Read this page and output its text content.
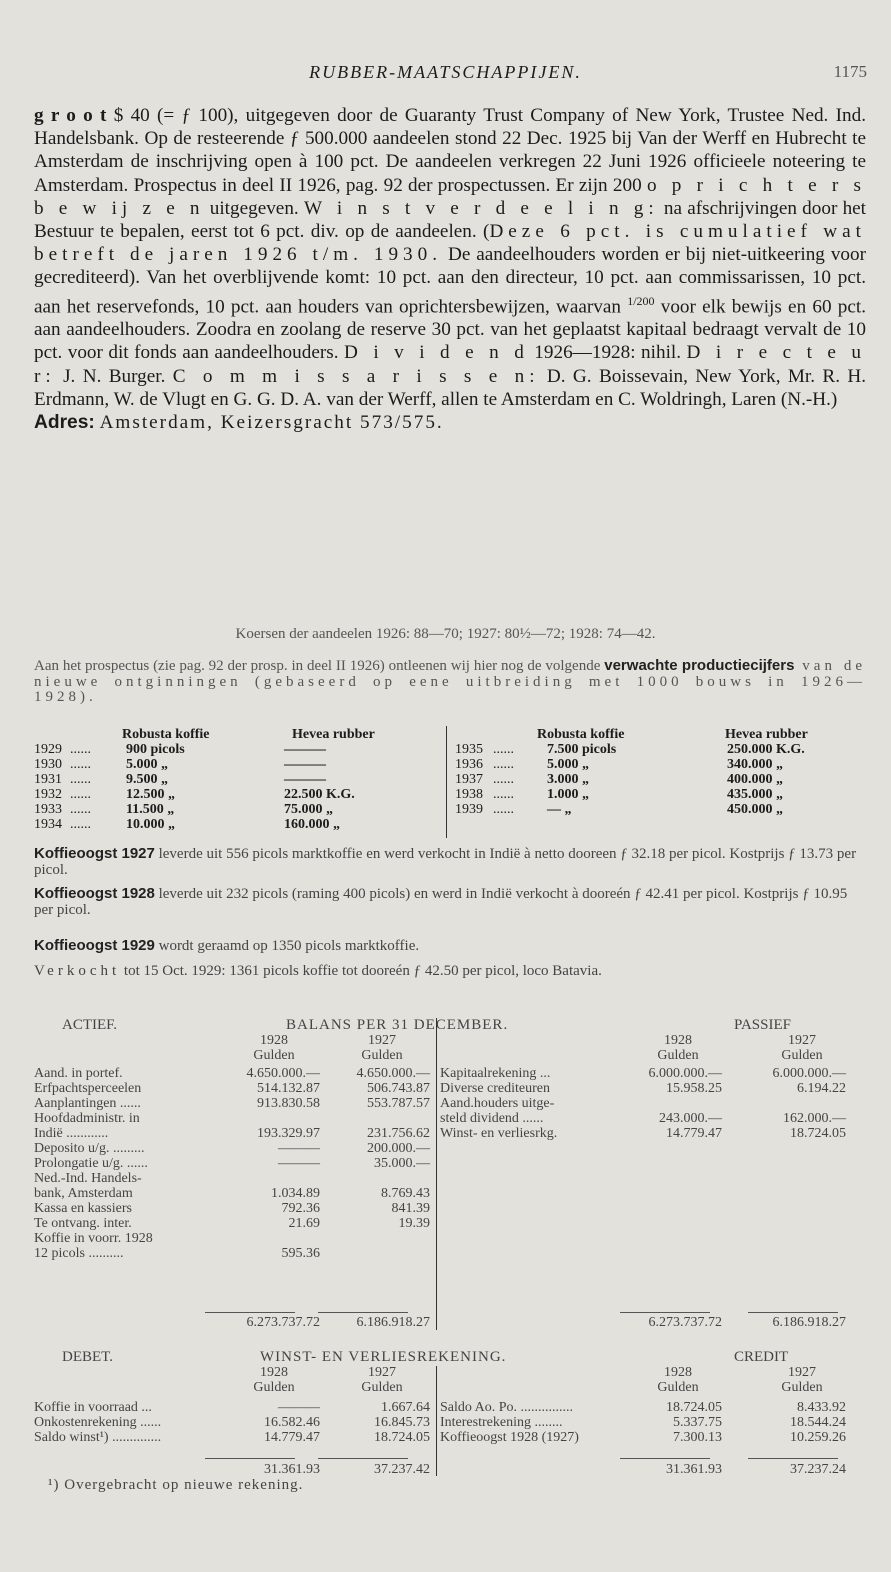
RUBBER-MAATSCHAPPIJEN.	1175

g r o o t $ 40 (= ƒ 100), uitgegeven door de Guaranty Trust Company of New York, Trustee Ned. Ind. Handelsbank. Op de resteerende ƒ 500.000 aandeelen stond 22 Dec. 1925 bij Van der Werff en Hubrecht te Amsterdam de inschrijving open à 100 pct. De aandeelen verkregen 22 Juni 1926 officieele noteering te Amsterdam. Prospectus in deel II 1926, pag. 92 der prospectussen. Er zijn 200 o p r i c h t e r s b e w ij z e n uitgegeven. W i n s t v e r d e e l i n g: na afschrijvingen door het Bestuur te bepalen, eerst tot 6 pct. div. op de aandeelen. (Deze 6 pct. is cumulatief wat betreft de jaren 1926 t/m. 1930. De aandeelhouders worden er bij niet-uitkeering voor gecrediteerd). Van het overblijvende komt: 10 pct. aan den directeur, 10 pct. aan commissarissen, 10 pct. aan het reservefonds, 10 pct. aan houders van oprichtersbewijzen, waarvan $^{1/200}$ voor elk bewijs en 60 pct. aan aandeelhouders. Zoodra en zoolang de reserve 30 pct. van het geplaatst kapitaal bedraagt vervalt de 10 pct. voor dit fonds aan aandeelhouders. D i v i d e n d 1926—1928: nihil. D i r e c t e u r: J. N. Burger. C o m m i s s a r i s s e n: D. G. Boissevain, New York, Mr. R. H. Erdmann, W. de Vlugt en G. G. D. A. van der Werff, allen te Amsterdam en C. Woldringh, Laren (N.-H.)
Adres: Amsterdam, Keizersgracht 573/575.

Koersen der aandeelen 1926: 88—70; 1927: 80½—72; 1928: 74—42.
Aan het prospectus (zie pag. 92 der prosp. in deel II 1926) ontleenen wij hier nog de volgende verwachte productiecijfers van de nieuwe ontginningen (gebaseerd op eene uitbreiding met 1000 bouws in 1926—1928).
Robusta koffie	Hevea rubber
1929 ......	900 picols	———
1930 ......	5.000 „	———
1931 ......	9.500 „	———
1932 ......	12.500 „	22.500 K.G.
1933 ......	11.500 „	75.000 „
1934 ......	10.000 „	160.000 „
Robusta koffie	Hevea rubber
1935 ...... 7.500 picols	250.000 K.G.
1936 ...... 5.000 „	340.000 „
1937 ...... 3.000 „	400.000 „
1938 ...... 1.000 „	435.000 „
1939 ...... — „	450.000 „
Koffieoogst 1927 leverde uit 556 picols marktkoffie en werd verkocht in Indië à netto dooreen ƒ 32.18 per picol. Kostprijs ƒ 13.73 per picol.
Koffieoogst 1928 leverde uit 232 picols (raming 400 picols) en werd in Indië verkocht à dooreén ƒ 42.41 per picol. Kostprijs ƒ 10.95 per picol.
Koffieoogst 1929 wordt geraamd op 1350 picols marktkoffie.
Verkocht tot 15 Oct. 1929: 1361 picols koffie tot dooreén ƒ 42.50 per picol, loco Batavia.
ACTIEF.	BALANS PER 31 DECEMBER.	PASSIEF
1928	1927	1928	1927
Gulden	Gulden	Gulden	Gulden
Aand. in portef.	4.650.000.—	4.650.000.—
Erfpachtsperceelen	514.132.87	506.743.87
Aanplantingen ......	913.830.58	553.787.57
Hoofdadministr. in
Indië ............	193.329.97	231.756.62
Deposito u/g. .........	———	200.000.—
Prolongatie u/g. ......	———	35.000.—
Ned.-Ind. Handels-
bank, Amsterdam	1.034.89	8.769.43
Kassa en kassiers	792.36	841.39
Te ontvang. inter.	21.69	19.39
Koffie in voorr. 1928
12 picols ..........	595.36
Kapitaalrekening ...	6.000.000.—	6.000.000.—
Diverse crediteuren	15.958.25	6.194.22
Aand.houders uitge-
steld dividend ......	243.000.—	162.000.—
Winst- en verliesrkg.	14.779.47	18.724.05
6.273.737.72	6.186.918.27	6.273.737.72	6.186.918.27
DEBET.	WINST- EN VERLIESREKENING.	CREDIT
1928	1927	1928	1927
Gulden	Gulden	Gulden	Gulden
Koffie in voorraad ...	———	1.667.64
Onkostenrekening ......	16.582.46	16.845.73
Saldo winst¹) ..............	14.779.47	18.724.05
Saldo Ao. Po. ...............	18.724.05	8.433.92
Interestrekening ........	5.337.75	18.544.24
Koffieoogst 1928 (1927)	7.300.13	10.259.26
31.361.93	37.237.42	31.361.93	37.237.24
¹) Overgebracht op nieuwe rekening.
